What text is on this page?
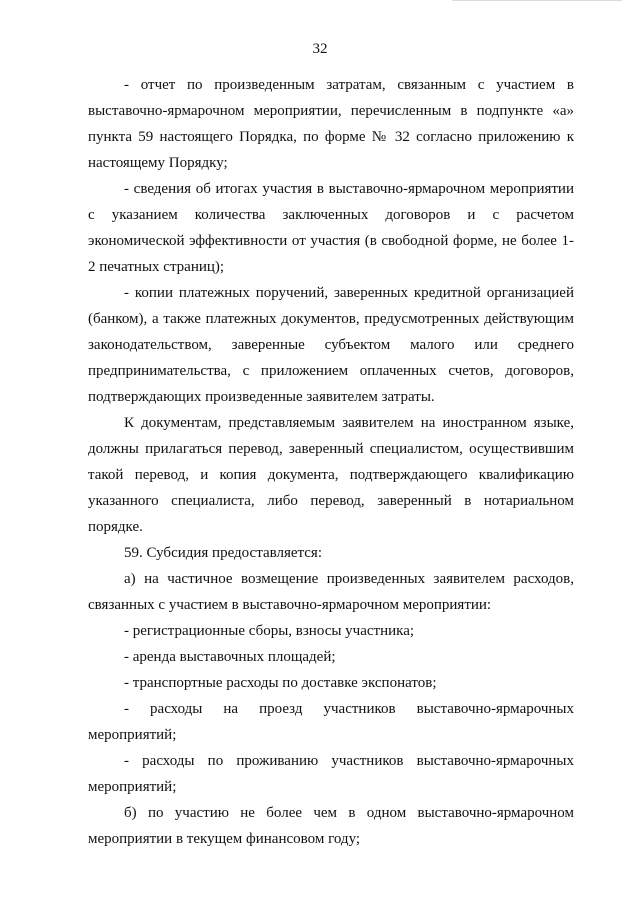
32

- отчет по произведенным затратам, связанным с участием в выставочно-ярмарочном мероприятии, перечисленным в подпункте «а» пункта 59 настоящего Порядка, по форме № 32 согласно приложению к настоящему Порядку;

- сведения об итогах участия в выставочно-ярмарочном мероприятии с указанием количества заключенных договоров и с расчетом экономической эффективности от участия (в свободной форме, не более 1-2 печатных страниц);

- копии платежных поручений, заверенных кредитной организацией (банком), а также платежных документов, предусмотренных действующим законодательством, заверенные субъектом малого или среднего предпринимательства, с приложением оплаченных счетов, договоров, подтверждающих произведенные заявителем затраты.

К документам, представляемым заявителем на иностранном языке, должны прилагаться перевод, заверенный специалистом, осуществившим такой перевод, и копия документа, подтверждающего квалификацию указанного специалиста, либо перевод, заверенный в нотариальном порядке.

59. Субсидия предоставляется:

а) на частичное возмещение произведенных заявителем расходов, связанных с участием в выставочно-ярмарочном мероприятии:

- регистрационные сборы, взносы участника;

- аренда выставочных площадей;

- транспортные расходы по доставке экспонатов;

- расходы на проезд участников выставочно-ярмарочных мероприятий;

- расходы по проживанию участников выставочно-ярмарочных мероприятий;

б) по участию не более чем в одном выставочно-ярмарочном мероприятии в текущем финансовом году;
